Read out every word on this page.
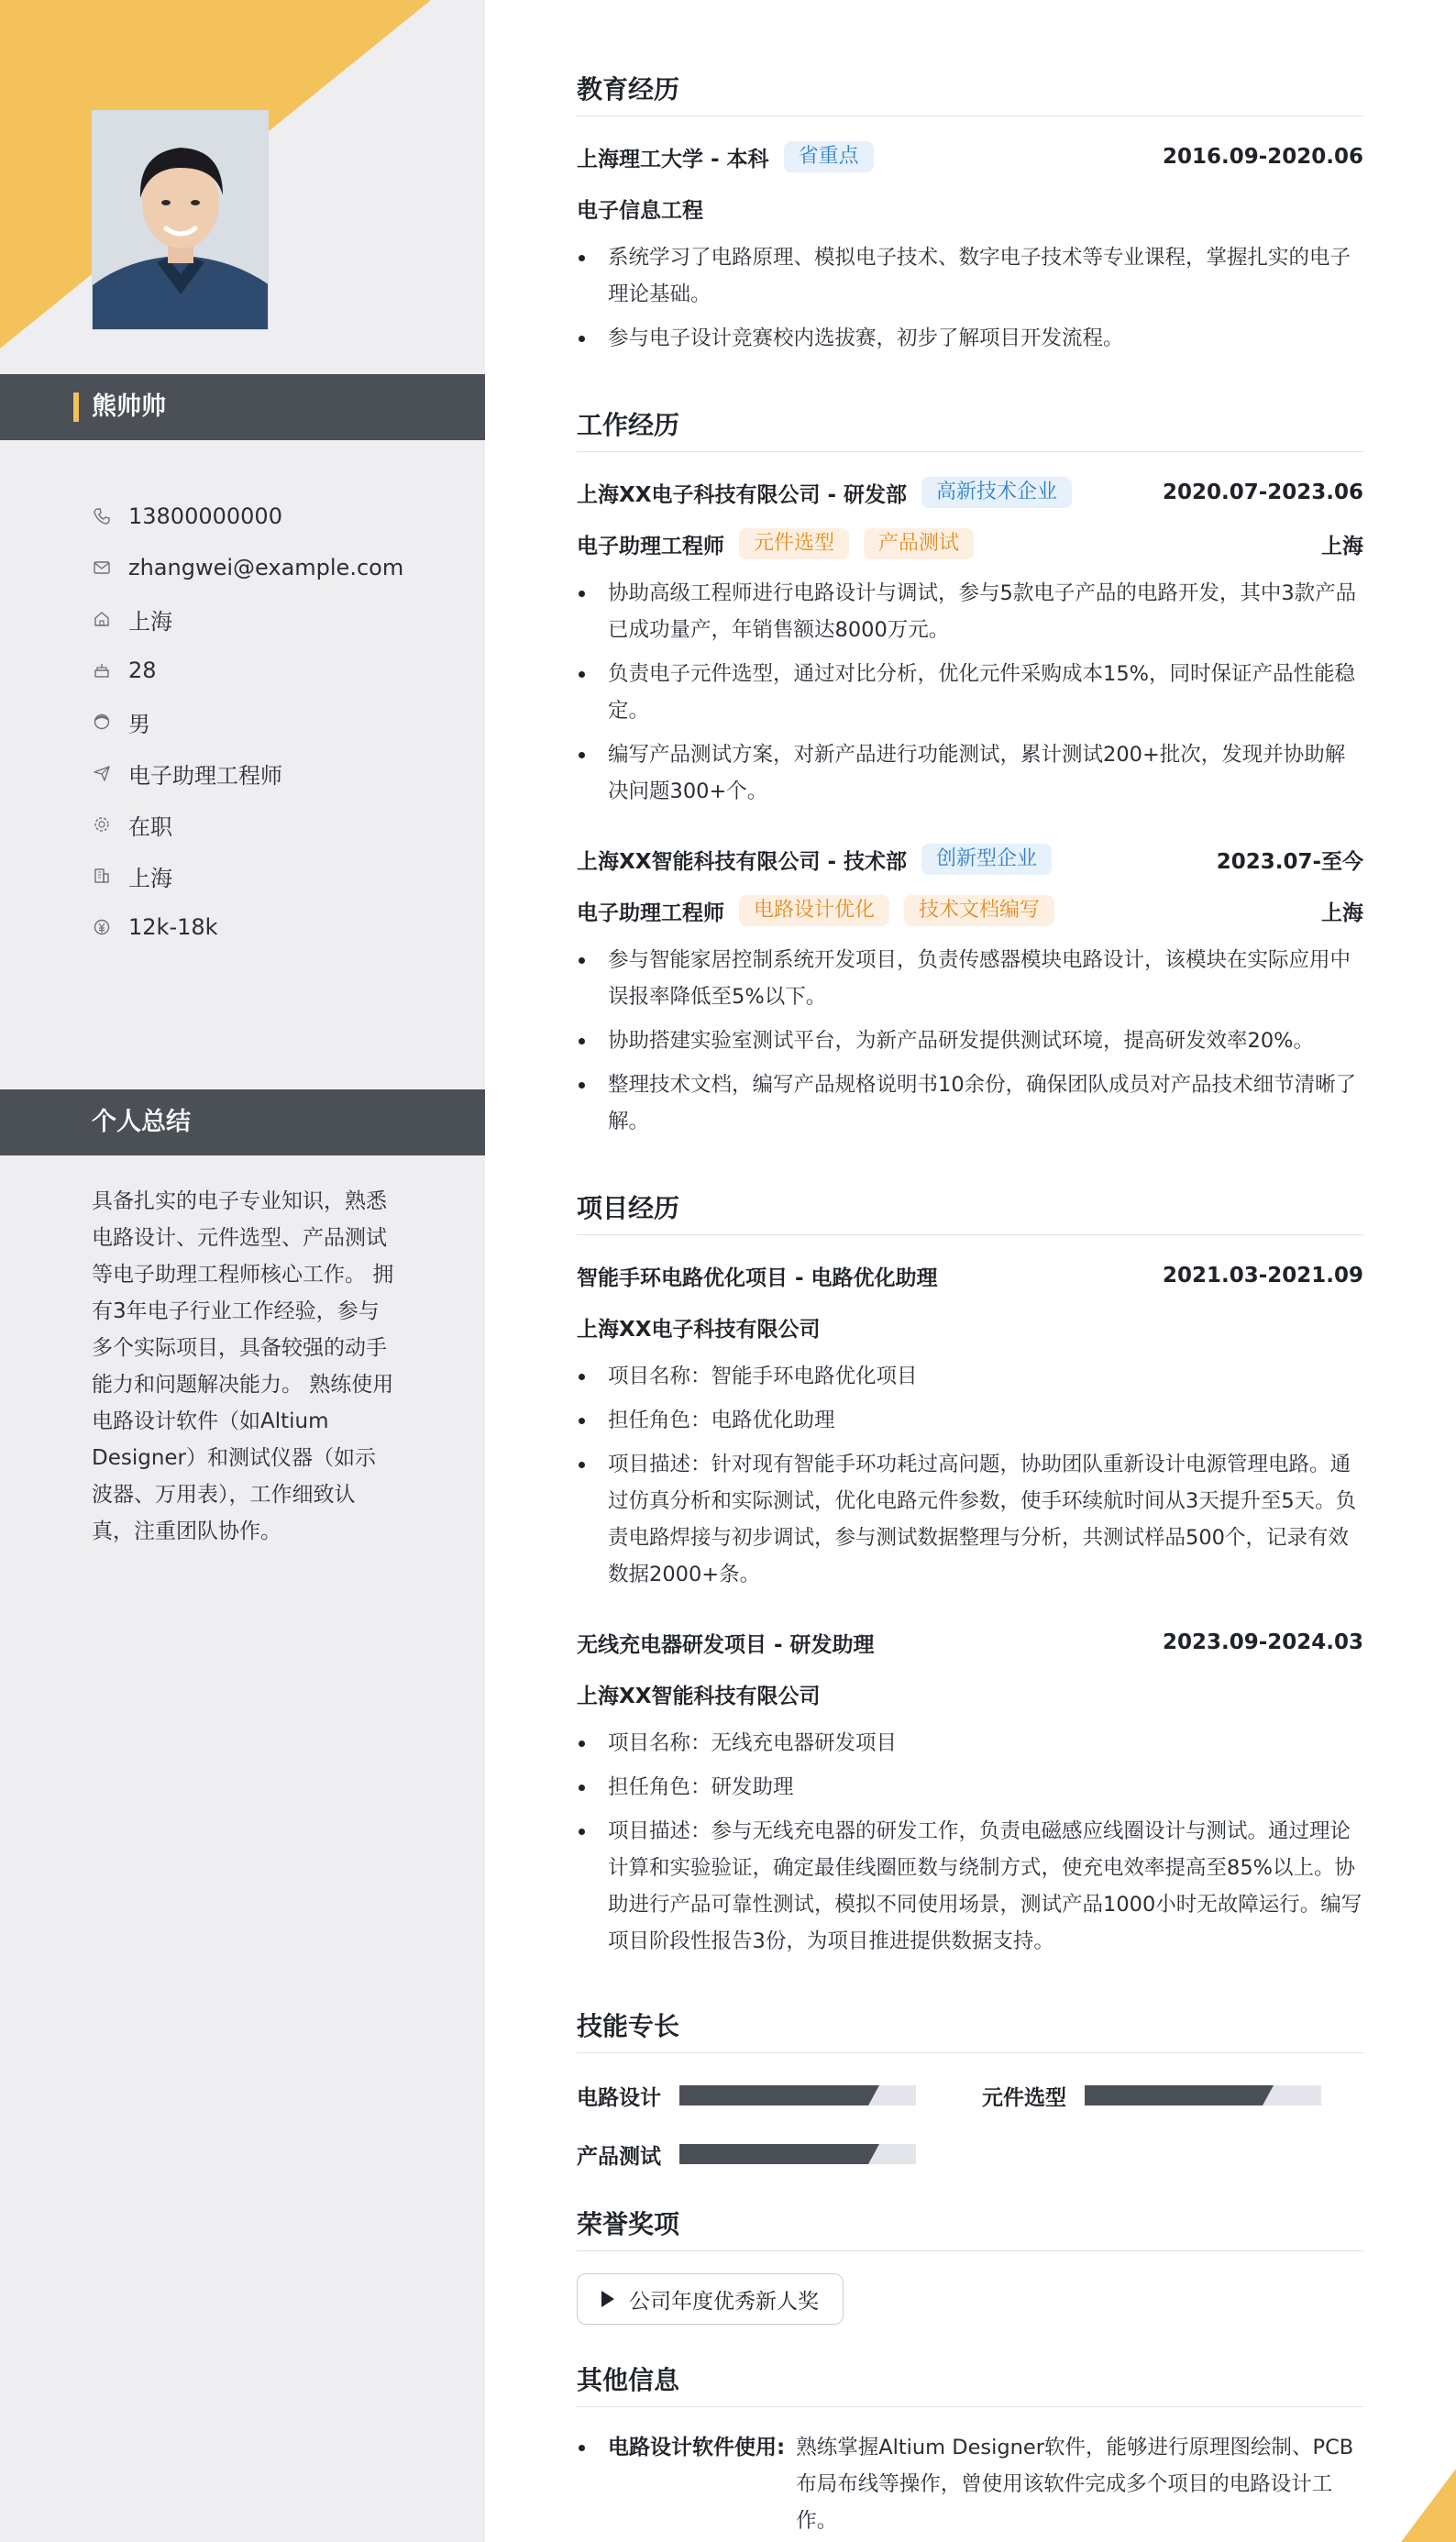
熊帅帅
13800000000
zhangwei@example.com
上海
28
男
电子助理工程师
在职
上海
12k-18k
个人总结
具备扎实的电子专业知识，熟悉电路设计、元件选型、产品测试等电子助理工程师核心工作。 拥有3年电子行业工作经验，参与多个实际项目，具备较强的动手能力和问题解决能力。 熟练使用电路设计软件（如Altium Designer）和测试仪器（如示波器、万用表），工作细致认真，注重团队协作。
教育经历
上海理工大学 - 本科	省重点	2016.09-2020.06
电子信息工程
系统学习了电路原理、模拟电子技术、数字电子技术等专业课程，掌握扎实的电子理论基础。
参与电子设计竞赛校内选拔赛，初步了解项目开发流程。
工作经历
上海XX电子科技有限公司 - 研发部	高新技术企业	2020.07-2023.06
电子助理工程师	元件选型	产品测试	上海
协助高级工程师进行电路设计与调试，参与5款电子产品的电路开发，其中3款产品已成功量产，年销售额达8000万元。
负责电子元件选型，通过对比分析，优化元件采购成本15%，同时保证产品性能稳定。
编写产品测试方案，对新产品进行功能测试，累计测试200+批次，发现并协助解决问题300+个。
上海XX智能科技有限公司 - 技术部	创新型企业	2023.07-至今
电子助理工程师	电路设计优化	技术文档编写	上海
参与智能家居控制系统开发项目，负责传感器模块电路设计，该模块在实际应用中误报率降低至5%以下。
协助搭建实验室测试平台，为新产品研发提供测试环境，提高研发效率20%。
整理技术文档，编写产品规格说明书10余份，确保团队成员对产品技术细节清晰了解。
项目经历
智能手环电路优化项目 - 电路优化助理	2021.03-2021.09
上海XX电子科技有限公司
项目名称：智能手环电路优化项目
担任角色：电路优化助理
项目描述：针对现有智能手环功耗过高问题，协助团队重新设计电源管理电路。通过仿真分析和实际测试，优化电路元件参数，使手环续航时间从3天提升至5天。负责电路焊接与初步调试，参与测试数据整理与分析，共测试样品500个，记录有效数据2000+条。
无线充电器研发项目 - 研发助理	2023.09-2024.03
上海XX智能科技有限公司
项目名称：无线充电器研发项目
担任角色：研发助理
项目描述：参与无线充电器的研发工作，负责电磁感应线圈设计与测试。通过理论计算和实验验证，确定最佳线圈匝数与绕制方式，使充电效率提高至85%以上。协助进行产品可靠性测试，模拟不同使用场景，测试产品1000小时无故障运行。编写项目阶段性报告3份，为项目推进提供数据支持。
技能专长
电路设计	元件选型
产品测试
荣誉奖项
公司年度优秀新人奖
其他信息
电路设计软件使用: 熟练掌握Altium Designer软件，能够进行原理图绘制、PCB布局布线等操作，曾使用该软件完成多个项目的电路设计工作。
